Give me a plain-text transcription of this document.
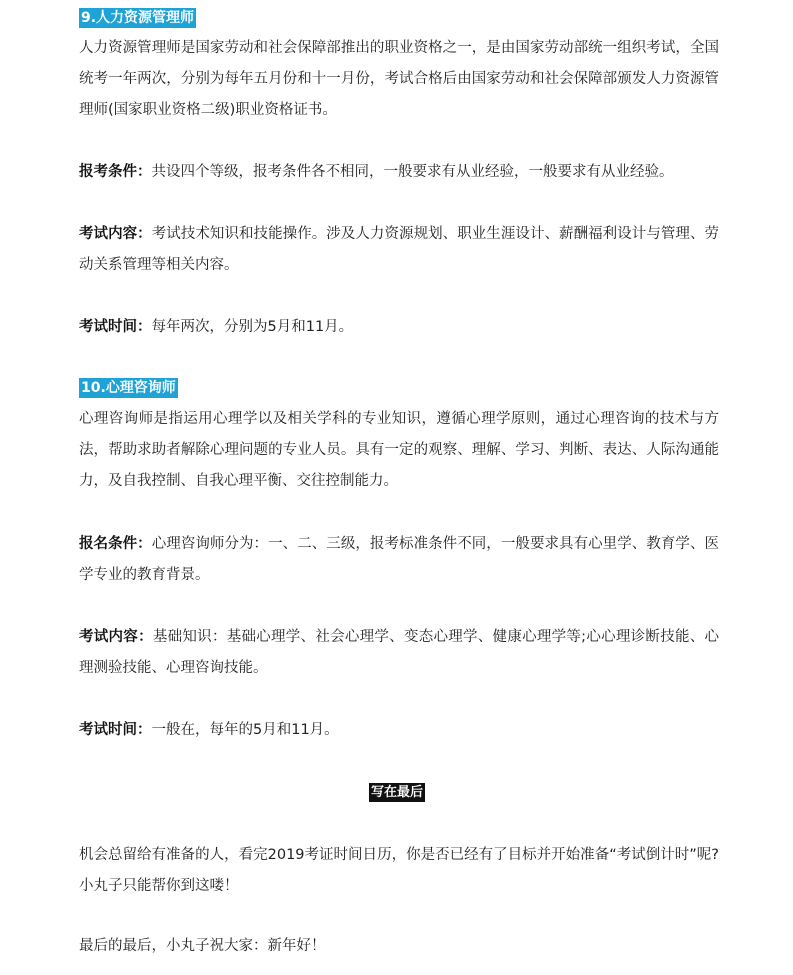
9.人力资源管理师

人力资源管理师是国家劳动和社会保障部推出的职业资格之一，是由国家劳动部统一组织考试，全国统考一年两次，分别为每年五月份和十一月份，考试合格后由国家劳动和社会保障部颁发人力资源管理师(国家职业资格二级)职业资格证书。

报考条件：共设四个等级，报考条件各不相同，一般要求有从业经验，一般要求有从业经验。

考试内容：考试技术知识和技能操作。涉及人力资源规划、职业生涯设计、薪酬福利设计与管理、劳动关系管理等相关内容。

考试时间：每年两次，分别为5月和11月。

10.心理咨询师

心理咨询师是指运用心理学以及相关学科的专业知识，遵循心理学原则，通过心理咨询的技术与方法，帮助求助者解除心理问题的专业人员。具有一定的观察、理解、学习、判断、表达、人际沟通能力，及自我控制、自我心理平衡、交往控制能力。

报名条件：心理咨询师分为：一、二、三级，报考标准条件不同，一般要求具有心里学、教育学、医学专业的教育背景。

考试内容：基础知识：基础心理学、社会心理学、变态心理学、健康心理学等;心心理诊断技能、心理测验技能、心理咨询技能。

考试时间：一般在，每年的5月和11月。

写在最后

机会总留给有准备的人，看完2019考证时间日历，你是否已经有了目标并开始准备“考试倒计时”呢?小丸子只能帮你到这喽！

最后的最后，小丸子祝大家：新年好！
